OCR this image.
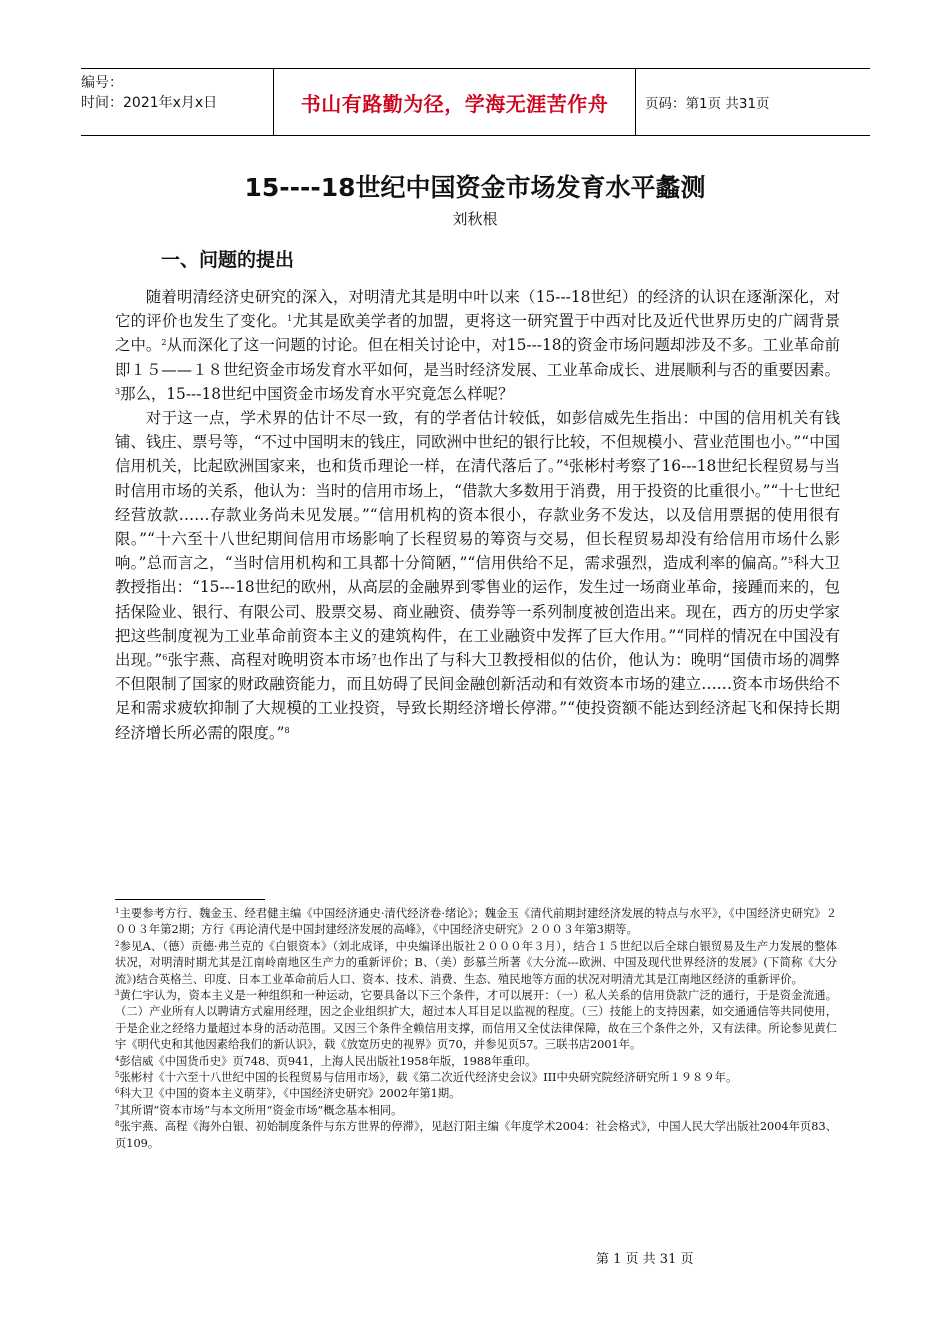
编号：
时间：2021年x月x日	书山有路勤为径，学海无涯苦作舟	页码：第1页 共31页
15----18世纪中国资金市场发育水平蠡测
刘秋根
一、问题的提出

随着明清经济史研究的深入，对明清尤其是明中叶以来（15---18世纪）的经济的认识在逐渐深化，对它的评价也发生了变化。$^1$尤其是欧美学者的加盟，更将这一研究置于中西对比及近代世界历史的广阔背景之中。$^2$从而深化了这一问题的讨论。但在相关讨论中，对15---18的资金市场问题却涉及不多。工业革命前即１５——１８世纪资金市场发育水平如何，是当时经济发展、工业革命成长、进展顺利与否的重要因素。$^3$那么，15---18世纪中国资金市场发育水平究竟怎么样呢？

对于这一点，学术界的估计不尽一致，有的学者估计较低，如彭信威先生指出：中国的信用机关有钱铺、钱庄、票号等，“不过中国明末的钱庄，同欧洲中世纪的银行比较，不但规模小、营业范围也小。”“中国信用机关，比起欧洲国家来，也和货币理论一样，在清代落后了。”$^4$张彬村考察了16---18世纪长程贸易与当时信用市场的关系，他认为：当时的信用市场上，“借款大多数用于消费，用于投资的比重很小。”“十七世纪经营放款……存款业务尚未见发展。”“信用机构的资本很小，存款业务不发达，以及信用票据的使用很有限。”“十六至十八世纪期间信用市场影响了长程贸易的筹资与交易，但长程贸易却没有给信用市场什么影响。”总而言之，“当时信用机构和工具都十分简陋，”“信用供给不足，需求强烈，造成利率的偏高。”$^5$科大卫教授指出：“15---18世纪的欧州，从高层的金融界到零售业的运作，发生过一场商业革命，接踵而来的，包括保险业、银行、有限公司、股票交易、商业融资、债券等一系列制度被创造出来。现在，西方的历史学家把这些制度视为工业革命前资本主义的建筑构件，在工业融资中发挥了巨大作用。”“同样的情况在中国没有出现。”$^6$张宇燕、高程对晚明资本市场$^7$也作出了与科大卫教授相似的估价，他认为：晚明“国债市场的凋弊不但限制了国家的财政融资能力，而且妨碍了民间金融创新活动和有效资本市场的建立……资本市场供给不足和需求疲软抑制了大规模的工业投资，导致长期经济增长停滞。”“使投资额不能达到经济起飞和保持长期经济增长所必需的限度。”$^8$

$^1$主要参考方行、魏金玉、经君健主编《中国经济通史·清代经济卷·绪论》；魏金玉《清代前期封建经济发展的特点与水平》，《中国经济史研究》２００３年第2期；方行《再论清代是中国封建经济发展的高峰》，《中国经济史研究》２００３年第3期等。
$^2$参见A、（德）贡德·弗兰克的《白银资本》（刘北成译，中央编译出版社２０００年３月），结合１５世纪以后全球白银贸易及生产力发展的整体状况，对明清时期尤其是江南岭南地区生产力的重新评价；B、（美）彭慕兰所著《大分流---欧洲、中国及现代世界经济的发展》(下简称《大分流》)结合英格兰、印度、日本工业革命前后人口、资本、技术、消费、生态、殖民地等方面的状况对明清尤其是江南地区经济的重新评价。
$^3$黄仁宇认为，资本主义是一种组织和一种运动，它要具备以下三个条件，才可以展开：（一）私人关系的信用贷款广泛的通行，于是资金流通。（二）产业所有人以聘请方式雇用经理，因之企业组织扩大，超过本人耳目足以监视的程度。（三）技能上的支持因素，如交通通信等共同使用，于是企业之经络力量超过本身的活动范围。又因三个条件全赖信用支撑，而信用又全仗法律保障，故在三个条件之外，又有法律。所论参见黄仁宇《明代史和其他因素给我们的新认识》，载《放宽历史的视界》页70，并参见页57。三联书店2001年。
$^4$彭信威《中国货币史》页748、页941，上海人民出版社1958年版，1988年重印。
$^5$张彬村《十六至十八世纪中国的长程贸易与信用市场》，载《第二次近代经济史会议》III中央研究院经济研究所１９８９年。
$^6$科大卫《中国的资本主义萌芽》，《中国经济史研究》2002年第1期。
$^7$其所谓“资本市场”与本文所用“资金市场”概念基本相同。
$^8$张宇燕、高程《海外白银、初始制度条件与东方世界的停滞》，见赵汀阳主编《年度学术2004：社会格式》，中国人民大学出版社2004年页83、页109。
第 1 页 共 31 页
